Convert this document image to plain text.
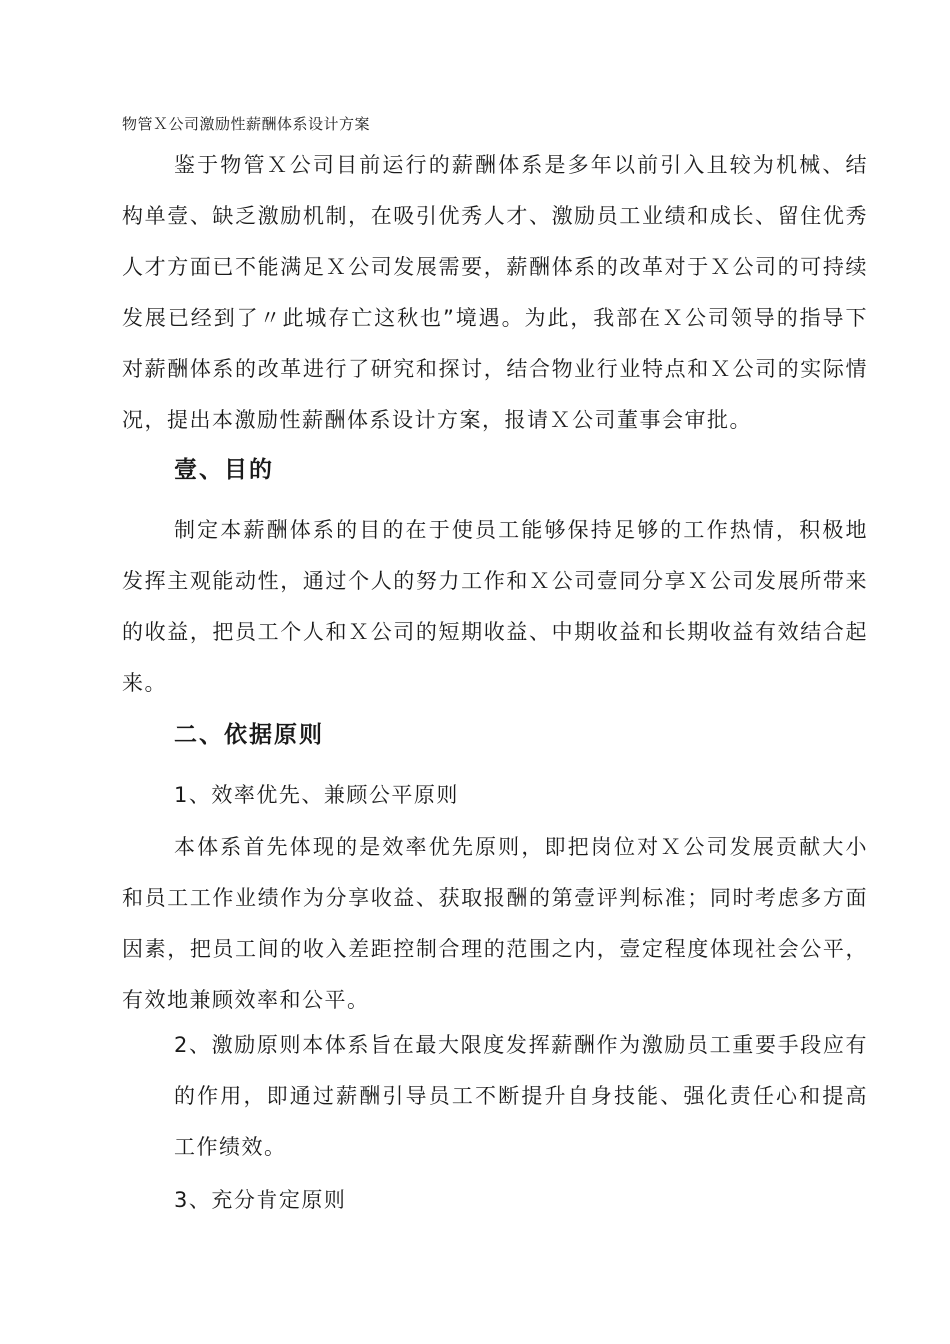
物管Ｘ公司激励性薪酬体系设计方案

鉴于物管Ｘ公司目前运行的薪酬体系是多年以前引入且较为机械、结构单壹、缺乏激励机制，在吸引优秀人才、激励员工业绩和成长、留住优秀人才方面已不能满足Ｘ公司发展需要，薪酬体系的改革对于Ｘ公司的可持续发展已经到了〃此城存亡这秋也”境遇。为此，我部在Ｘ公司领导的指导下对薪酬体系的改革进行了研究和探讨，结合物业行业特点和Ｘ公司的实际情况，提出本激励性薪酬体系设计方案，报请Ｘ公司董事会审批。

壹、目的

制定本薪酬体系的目的在于使员工能够保持足够的工作热情，积极地发挥主观能动性，通过个人的努力工作和Ｘ公司壹同分享Ｘ公司发展所带来的收益，把员工个人和Ｘ公司的短期收益、中期收益和长期收益有效结合起来。

二、依据原则
1、效率优先、兼顾公平原则

本体系首先体现的是效率优先原则，即把岗位对Ｘ公司发展贡献大小和员工工作业绩作为分享收益、获取报酬的第壹评判标准；同时考虑多方面因素，把员工间的收入差距控制合理的范围之内，壹定程度体现社会公平，有效地兼顾效率和公平。

2、激励原则本体系旨在最大限度发挥薪酬作为激励员工重要手段应有的作用，即通过薪酬引导员工不断提升自身技能、强化责任心和提高工作绩效。

3、充分肯定原则
